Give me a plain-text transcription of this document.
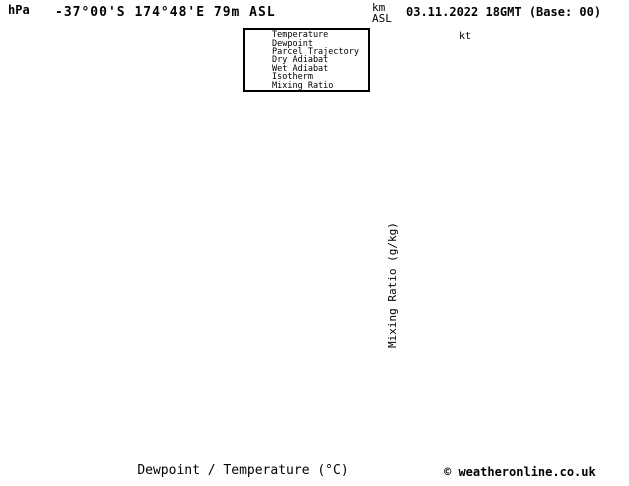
hPa -37°00'S 174°48'E 79m ASL	03.11.2022 18GMT (Base: 00)
km
ASL
Temperature
Dewpoint
Parcel Trajectory
Dry Adiabat
Wet Adiabat
Isotherm
Mixing Ratio
Mixing Ratio (g/kg)
Dewpoint / Temperature (°C)
kt
© weatheronline.co.uk
